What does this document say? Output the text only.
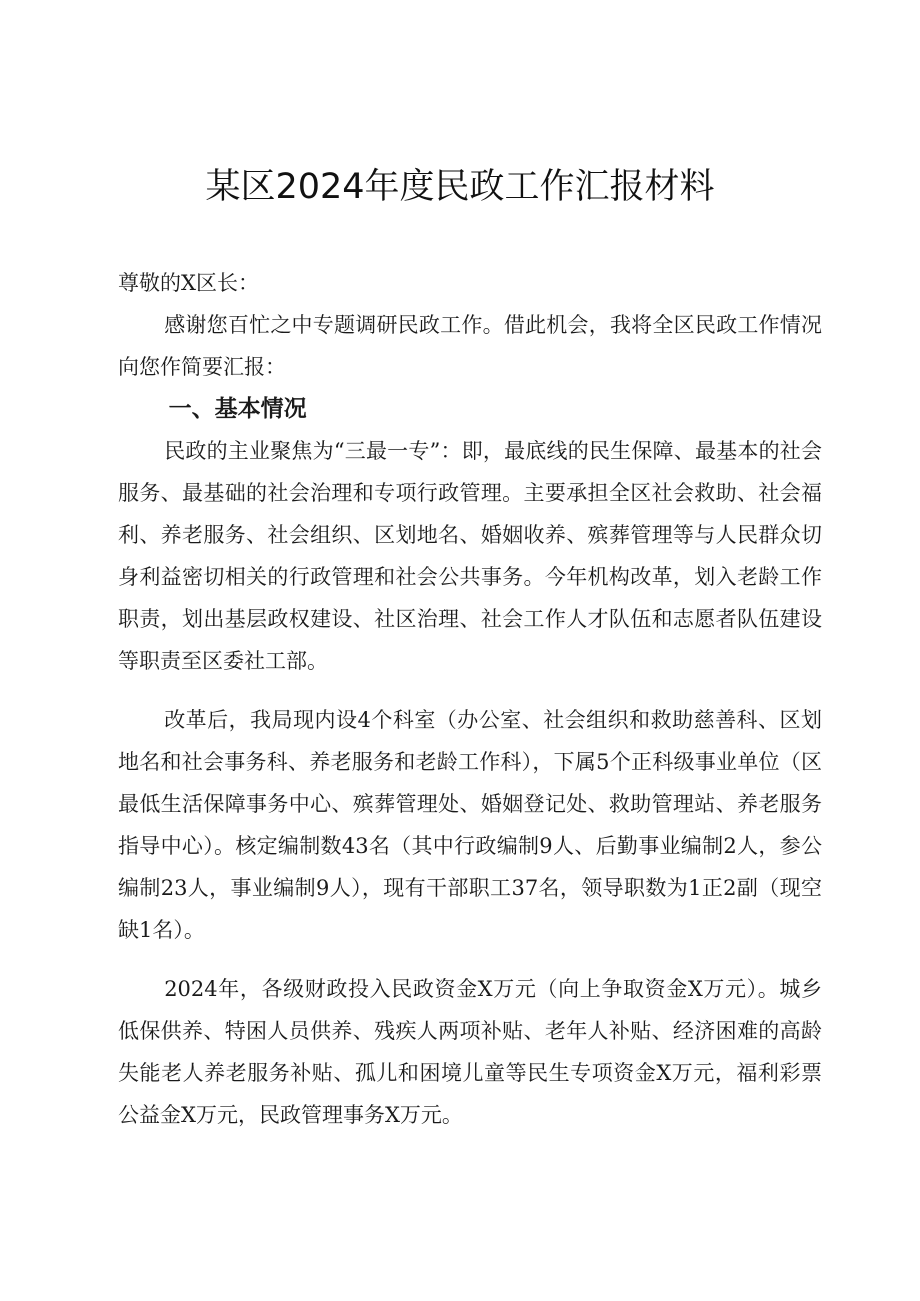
某区2024年度民政工作汇报材料

尊敬的X区长：

感谢您百忙之中专题调研民政工作。借此机会，我将全区民政工作情况向您作简要汇报：

一、基本情况

民政的主业聚焦为“三最一专”：即，最底线的民生保障、最基本的社会服务、最基础的社会治理和专项行政管理。主要承担全区社会救助、社会福利、养老服务、社会组织、区划地名、婚姻收养、殡葬管理等与人民群众切身利益密切相关的行政管理和社会公共事务。今年机构改革，划入老龄工作职责，划出基层政权建设、社区治理、社会工作人才队伍和志愿者队伍建设等职责至区委社工部。

改革后，我局现内设4个科室（办公室、社会组织和救助慈善科、区划地名和社会事务科、养老服务和老龄工作科），下属5个正科级事业单位（区最低生活保障事务中心、殡葬管理处、婚姻登记处、救助管理站、养老服务指导中心）。核定编制数43名（其中行政编制9人、后勤事业编制2人，参公编制23人，事业编制9人），现有干部职工37名，领导职数为1正2副（现空缺1名）。

2024年，各级财政投入民政资金X万元（向上争取资金X万元）。城乡低保供养、特困人员供养、残疾人两项补贴、老年人补贴、经济困难的高龄失能老人养老服务补贴、孤儿和困境儿童等民生专项资金X万元，福利彩票公益金X万元，民政管理事务X万元。
